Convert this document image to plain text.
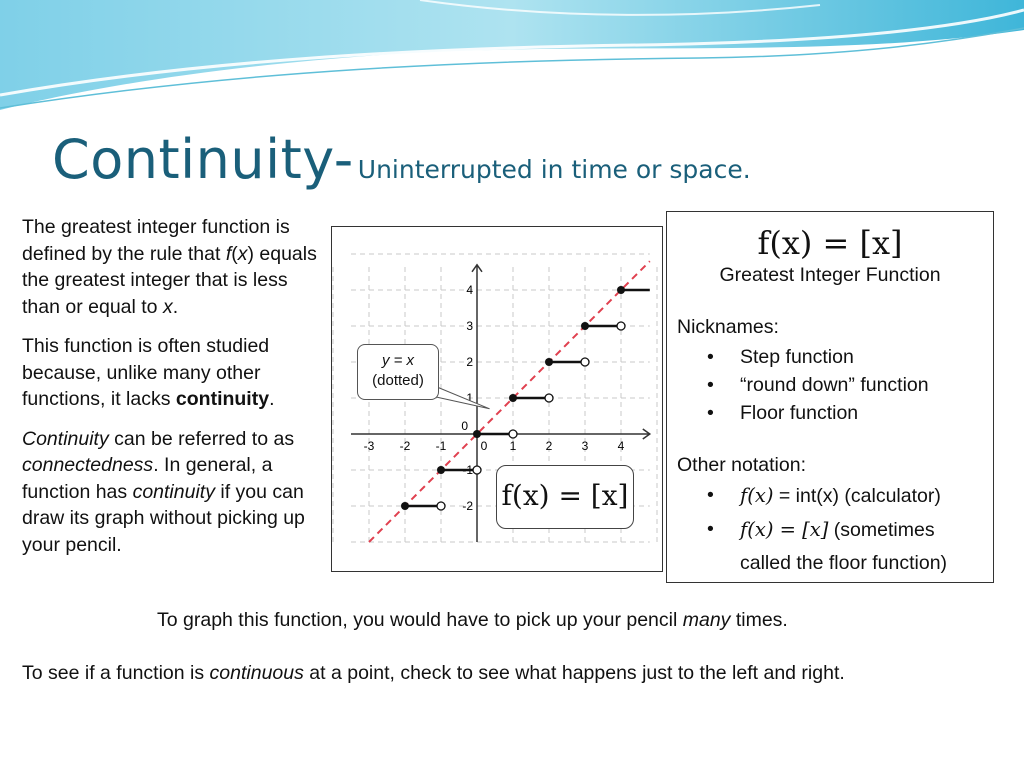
Continuity- Uninterrupted in time or space.

The greatest integer function is defined by the rule that f(x) equals the greatest integer that is less than or equal to x.

This function is often studied because, unlike many other functions, it lacks continuity.

Continuity can be referred to as connectedness. In general, a function has continuity if you can draw its graph without picking up your pencil.

-3 -2 -1	0 1 2 3 4
4
3
2
1
0
-1
-2
y = x
(dotted)
f(x) = [x]
f(x) = [x]
Greatest Integer Function
Nicknames:
• Step function
• “round down” function
• Floor function
Other notation:
• f(x) = int(x) (calculator)
• f(x) = [x] (sometimes
called the floor function)
To graph this function, you would have to pick up your pencil many times.
To see if a function is continuous at a point, check to see what happens just to the left and right.
